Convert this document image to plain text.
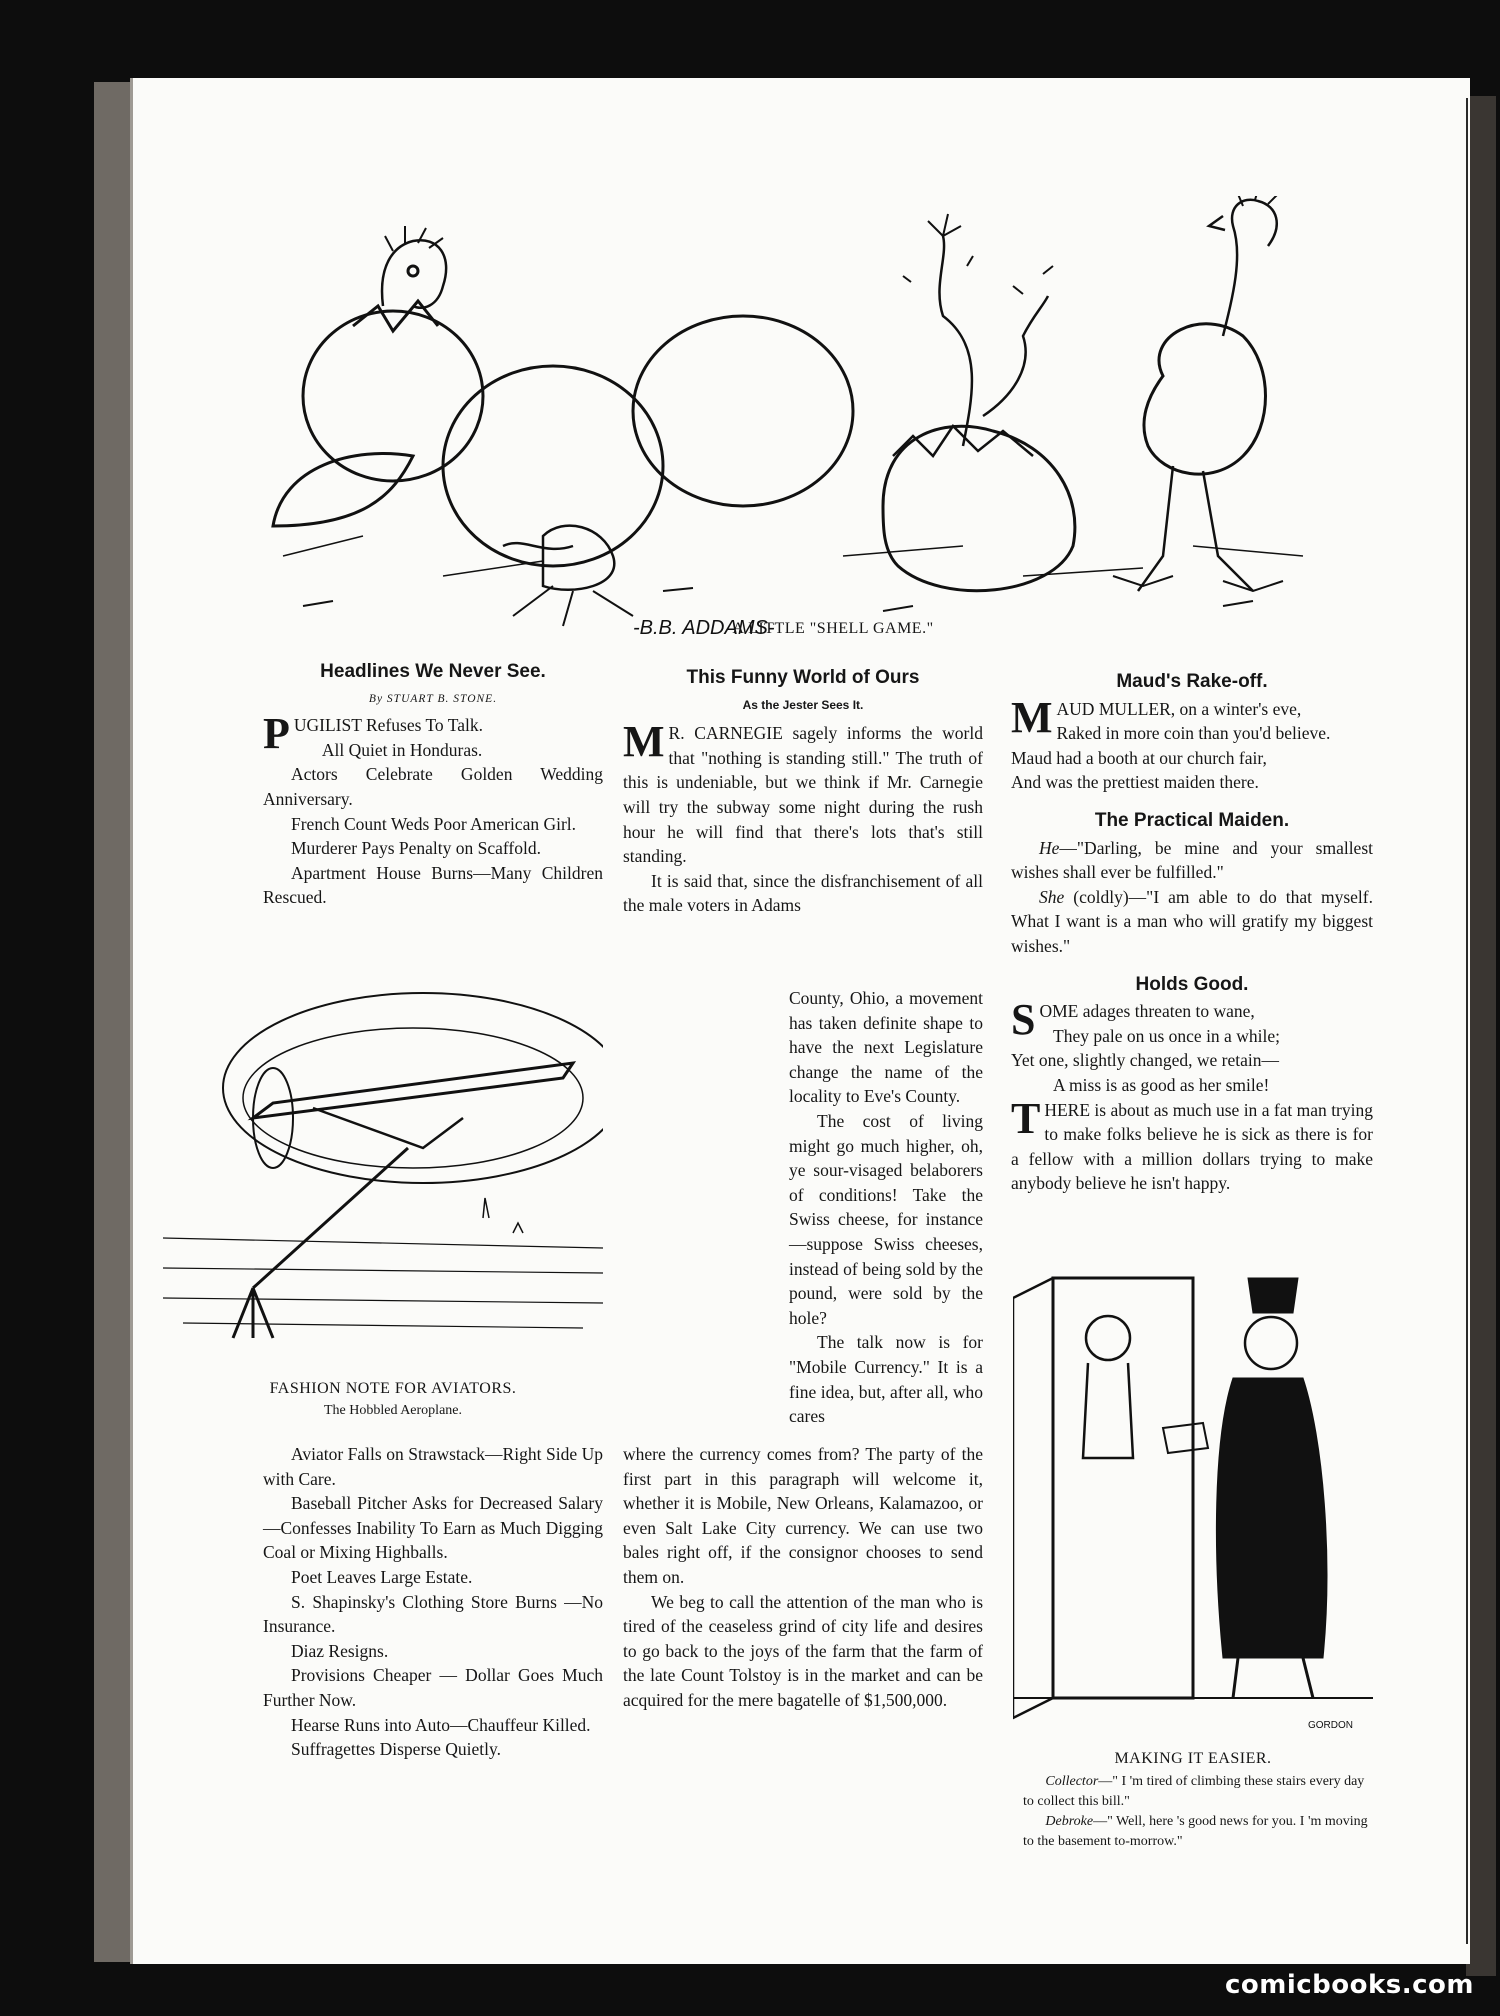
-B.B. ADDAMS-
A LITTLE "SHELL GAME."
Headlines We Never See.
By STUART B. STONE.

PUGILIST Refuses To Talk.

All Quiet in Honduras.

Actors Celebrate Golden Wedding Anniversary.

French Count Weds Poor American Girl.

Murderer Pays Penalty on Scaffold.

Apartment House Burns—Many Children Rescued.

FASHION NOTE FOR AVIATORS.
The Hobbled Aeroplane.

Aviator Falls on Strawstack—Right Side Up with Care.

Baseball Pitcher Asks for Decreased Salary—Confesses Inability To Earn as Much Digging Coal or Mixing Highballs.

Poet Leaves Large Estate.

S. Shapinsky's Clothing Store Burns —No Insurance.

Diaz Resigns.

Provisions Cheaper — Dollar Goes Much Further Now.

Hearse Runs into Auto—Chauffeur Killed.

Suffragettes Disperse Quietly.

This Funny World of Ours
As the Jester Sees It.

M R. CARNEGIE sagely informs the world that "nothing is standing still." The truth of this is undeniable, but we think if Mr. Carnegie will try the subway some night during the rush hour he will find that there's lots that's still standing.

It is said that, since the disfranchisement of all the male voters in Adams

County, Ohio, a movement has taken definite shape to have the next Legislature change the name of the locality to Eve's County.

The cost of living might go much higher, oh, ye sour-visaged belaborers of conditions! Take the Swiss cheese, for instance—suppose Swiss cheeses, instead of being sold by the pound, were sold by the hole?

The talk now is for "Mobile Currency." It is a fine idea, but, after all, who cares

where the currency comes from? The party of the first part in this paragraph will welcome it, whether it is Mobile, New Orleans, Kalamazoo, or even Salt Lake City currency. We can use two bales right off, if the consignor chooses to send them on.

We beg to call the attention of the man who is tired of the ceaseless grind of city life and desires to go back to the joys of the farm that the farm of the late Count Tolstoy is in the market and can be acquired for the mere bagatelle of $1,500,000.

Maud's Rake-off.

MAUD MULLER, on a winter's eve,

Raked in more coin than you'd believe.

Maud had a booth at our church fair,

And was the prettiest maiden there.

The Practical Maiden.

He—"Darling, be mine and your smallest wishes shall ever be fulfilled."

She (coldly)—"I am able to do that myself. What I want is a man who will gratify my biggest wishes."

Holds Good.

SOME adages threaten to wane,

They pale on us once in a while;

Yet one, slightly changed, we retain—

A miss is as good as her smile!

THERE is about as much use in a fat man trying to make folks believe he is sick as there is for a fellow with a million dollars trying to make anybody believe he isn't happy.

GORDON
MAKING IT EASIER.
Collector—" I 'm tired of climbing these stairs every day to collect this bill."
Debroke—" Well, here 's good news for you. I 'm moving to the basement to-morrow."
comicbooks.com
